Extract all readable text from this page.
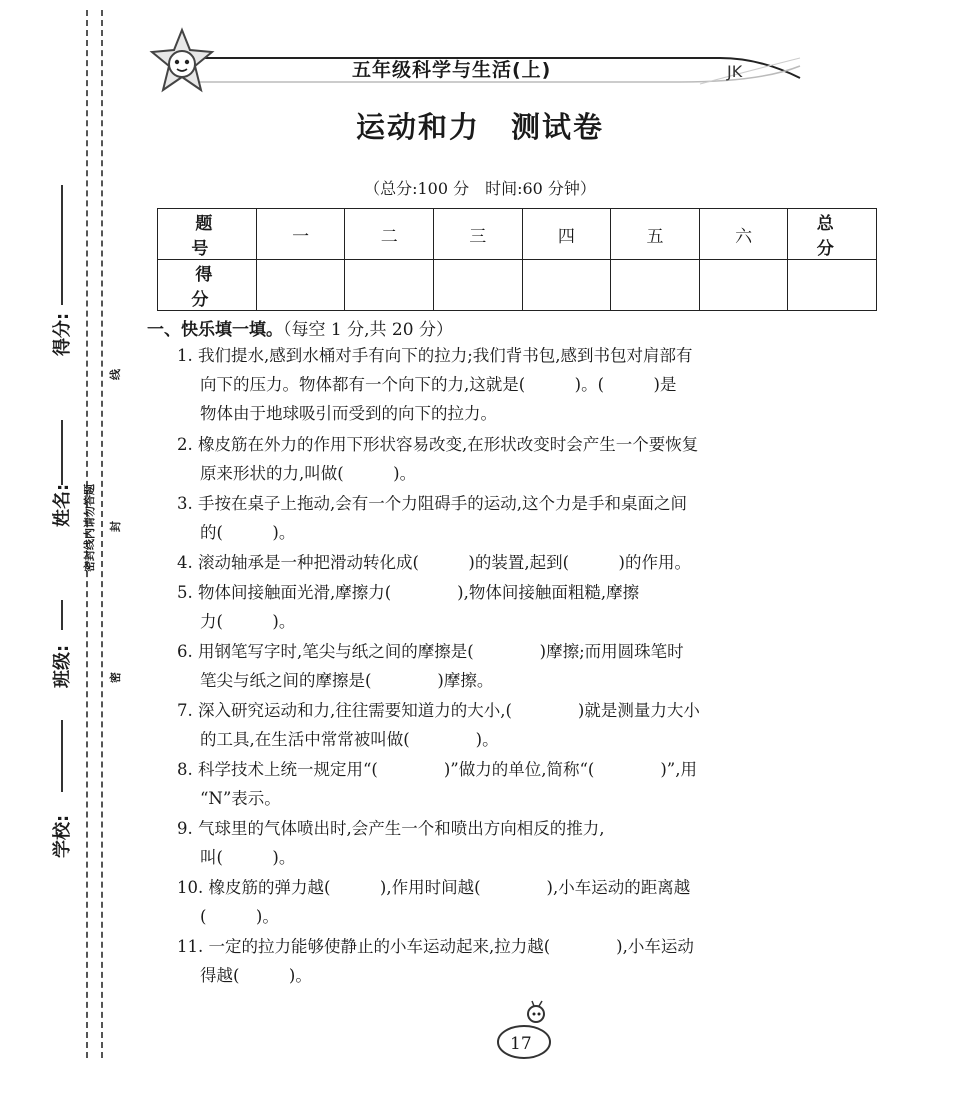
得分:
姓名:
班级:
学校:
密封线内请勿答题
线
封
密
五年级科学与生活(上)	JK
运动和力　测试卷
（总分:100 分　时间:60 分钟）
题　号	一	二	三	四	五	六	总　分
得　分							
一、快乐填一填。（每空 1 分,共 20 分）
1. 我们提水,感到水桶对手有向下的拉力;我们背书包,感到书包对肩部有
向下的压力。物体都有一个向下的力,这就是(　　　)。(　　　)是
物体由于地球吸引而受到的向下的拉力。
2. 橡皮筋在外力的作用下形状容易改变,在形状改变时会产生一个要恢复
原来形状的力,叫做(　　　)。
3. 手按在桌子上拖动,会有一个力阻碍手的运动,这个力是手和桌面之间
的(　　　)。
4. 滚动轴承是一种把滑动转化成(　　　)的装置,起到(　　　)的作用。
5. 物体间接触面光滑,摩擦力(　　　　),物体间接触面粗糙,摩擦
力(　　　)。
6. 用钢笔写字时,笔尖与纸之间的摩擦是(　　　　)摩擦;而用圆珠笔时
笔尖与纸之间的摩擦是(　　　　)摩擦。
7. 深入研究运动和力,往往需要知道力的大小,(　　　　)就是测量力大小
的工具,在生活中常常被叫做(　　　　)。
8. 科学技术上统一规定用“(　　　　)”做力的单位,简称“(　　　　)”,用
“N”表示。
9. 气球里的气体喷出时,会产生一个和喷出方向相反的推力,
叫(　　　)。
10. 橡皮筋的弹力越(　　　),作用时间越(　　　　),小车运动的距离越
(　　　)。
11. 一定的拉力能够使静止的小车运动起来,拉力越(　　　　),小车运动
得越(　　　)。
17
